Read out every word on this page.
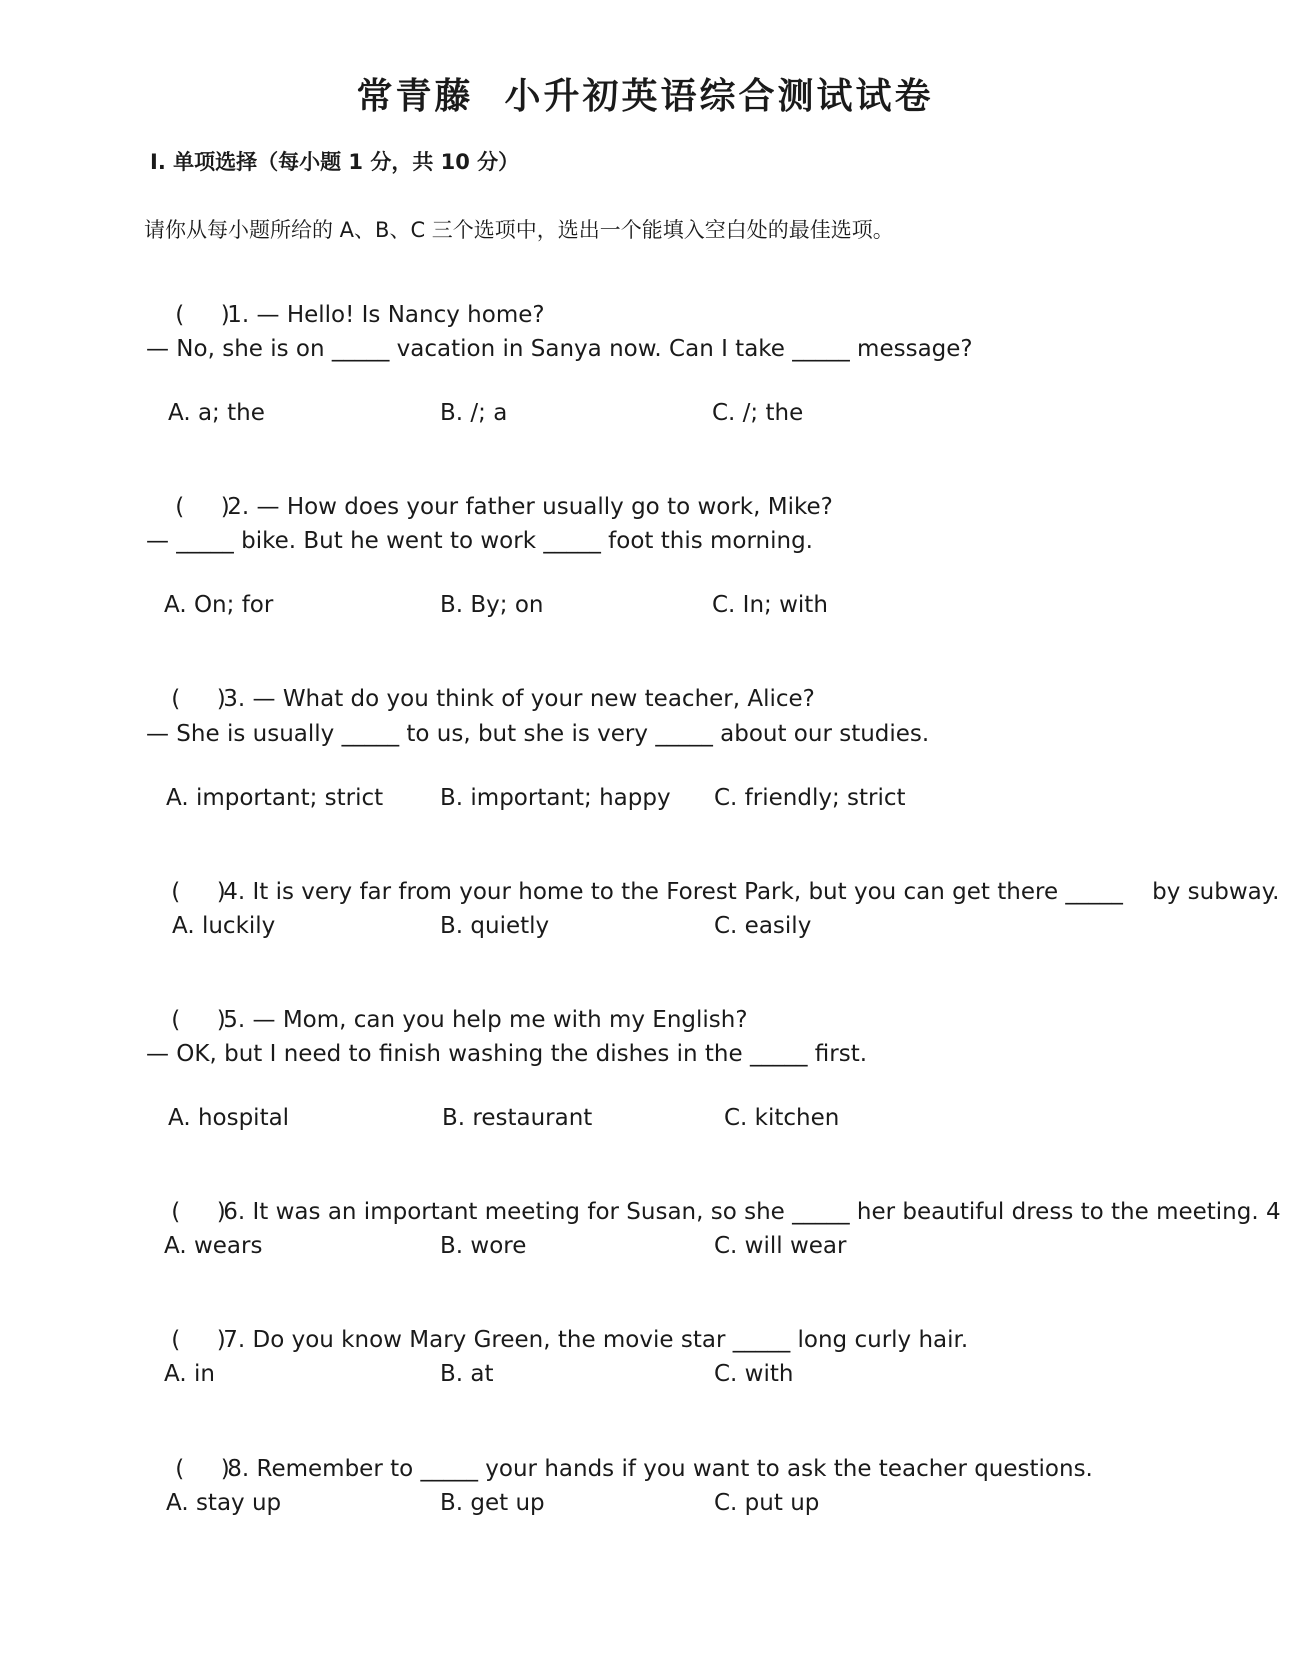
常青藤  小升初英语综合测试试卷
I. 单项选择（每小题 1 分，共 10 分）
请你从每小题所给的 A、B、C 三个选项中，选出一个能填入空白处的最佳选项。

(     )1. — Hello! Is Nancy home?

— No, she is on _____ vacation in Sanya now. Can I take _____ message?
A. a; the	B. /; a	C. /; the

(     )2. — How does your father usually go to work, Mike?

— _____ bike. But he went to work _____ foot this morning.
A. On; for	B. By; on	C. In; with

(     )3. — What do you think of your new teacher, Alice?

— She is usually _____ to us, but she is very _____ about our studies.
A. important; strict B. important; happy C. friendly; strict

(     )4. It is very far from your home to the Forest Park, but you can get there _____    by subway.

A. luckily	B. quietly	C. easily

(     )5. — Mom, can you help me with my English?

— OK, but I need to finish washing the dishes in the _____ first.
A. hospital	B. restaurant	C. kitchen

(     )6. It was an important meeting for Susan, so she _____ her beautiful dress to the meeting. 4

A. wears	B. wore	C. will wear

(     )7. Do you know Mary Green, the movie star _____ long curly hair.

A. in	B. at	C. with

(     )8. Remember to _____ your hands if you want to ask the teacher questions.

A. stay up	B. get up	C. put up
